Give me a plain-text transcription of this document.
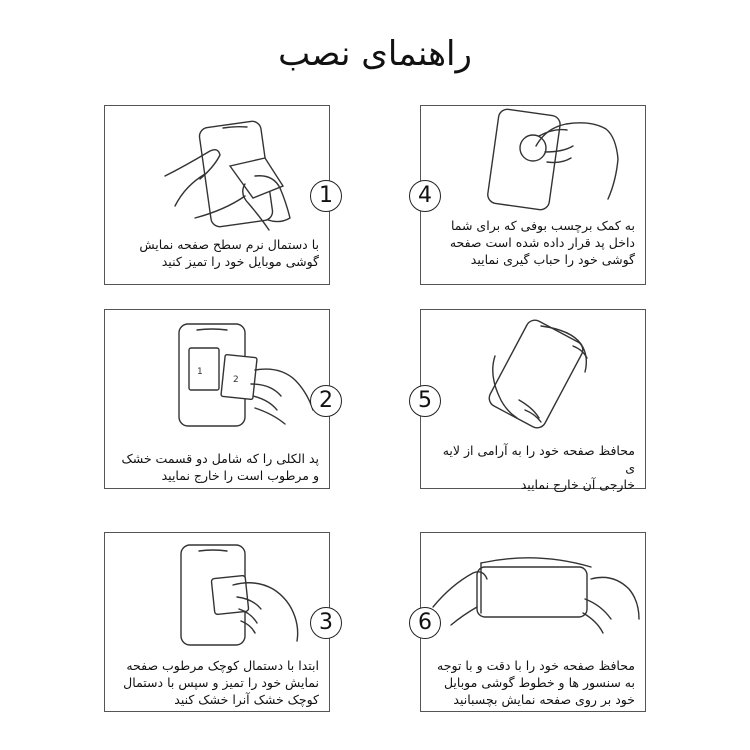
راهنمای نصب
با دستمال نرم سطح صفحه نمایش
گوشی موبایل خود را تمیز کنید
1
به کمک برچسب بوفی که برای شما
داخل پد قرار داده شده است صفحه
گوشی خود را حباب گیری نمایید
4
1
2
پد الکلی را که شامل دو قسمت خشک
و مرطوب است را خارج نمایید
2
محافظ صفحه خود را به آرامی از لایه ی
خارجی آن خارج نمایید
5
ابتدا با دستمال کوچک مرطوب صفحه
نمایش خود را تمیز و سپس با دستمال
کوچک خشک آنرا خشک کنید
3
محافظ صفحه خود را با دقت و با توجه
به سنسور ها و خطوط گوشی موبایل
خود بر روی صفحه نمایش بچسبانید
6
